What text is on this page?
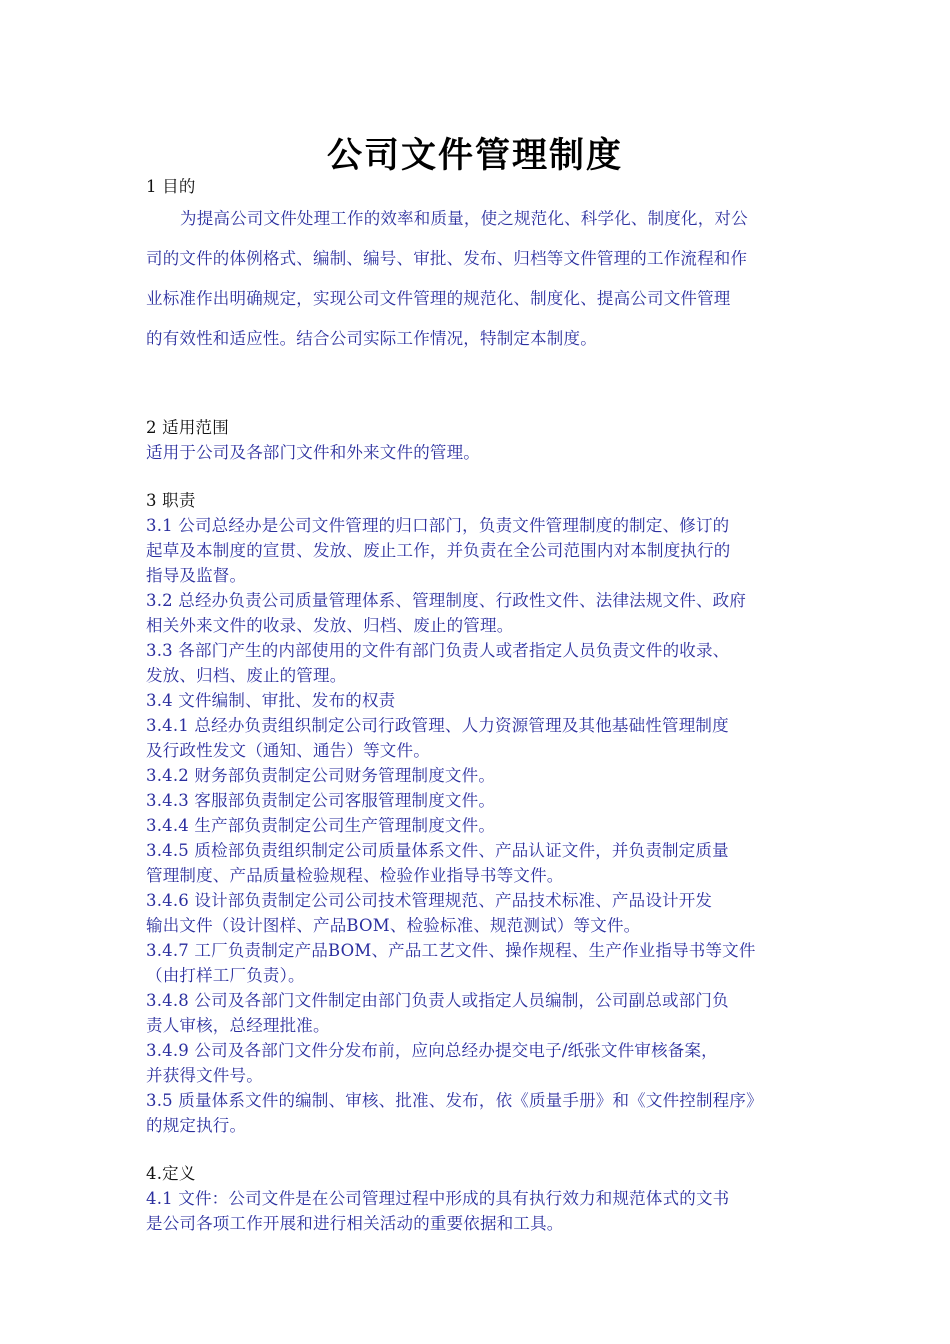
公司文件管理制度
1 目的
为提高公司文件处理工作的效率和质量，使之规范化、科学化、制度化，对公
司的文件的体例格式、编制、编号、审批、发布、归档等文件管理的工作流程和作
业标准作出明确规定，实现公司文件管理的规范化、制度化、提高公司文件管理
的有效性和适应性。结合公司实际工作情况，特制定本制度。
2 适用范围
适用于公司及各部门文件和外来文件的管理。
3 职责
3.1 公司总经办是公司文件管理的归口部门，负责文件管理制度的制定、修订的
起草及本制度的宣贯、发放、废止工作，并负责在全公司范围内对本制度执行的
指导及监督。
3.2 总经办负责公司质量管理体系、管理制度、行政性文件、法律法规文件、政府
相关外来文件的收录、发放、归档、废止的管理。
3.3 各部门产生的内部使用的文件有部门负责人或者指定人员负责文件的收录、
发放、归档、废止的管理。
3.4 文件编制、审批、发布的权责
3.4.1 总经办负责组织制定公司行政管理、人力资源管理及其他基础性管理制度
及行政性发文（通知、通告）等文件。
3.4.2 财务部负责制定公司财务管理制度文件。
3.4.3 客服部负责制定公司客服管理制度文件。
3.4.4 生产部负责制定公司生产管理制度文件。
3.4.5 质检部负责组织制定公司质量体系文件、产品认证文件，并负责制定质量
管理制度、产品质量检验规程、检验作业指导书等文件。
3.4.6 设计部负责制定公司公司技术管理规范、产品技术标准、产品设计开发
输出文件（设计图样、产品BOM、检验标准、规范测试）等文件。
3.4.7 工厂负责制定产品BOM、产品工艺文件、操作规程、生产作业指导书等文件
（由打样工厂负责）。
3.4.8 公司及各部门文件制定由部门负责人或指定人员编制，公司副总或部门负
责人审核，总经理批准。
3.4.9 公司及各部门文件分发布前，应向总经办提交电子/纸张文件审核备案，
并获得文件号。
3.5 质量体系文件的编制、审核、批准、发布，依《质量手册》和《文件控制程序》
的规定执行。
4.定义
4.1 文件：公司文件是在公司管理过程中形成的具有执行效力和规范体式的文书
是公司各项工作开展和进行相关活动的重要依据和工具。
